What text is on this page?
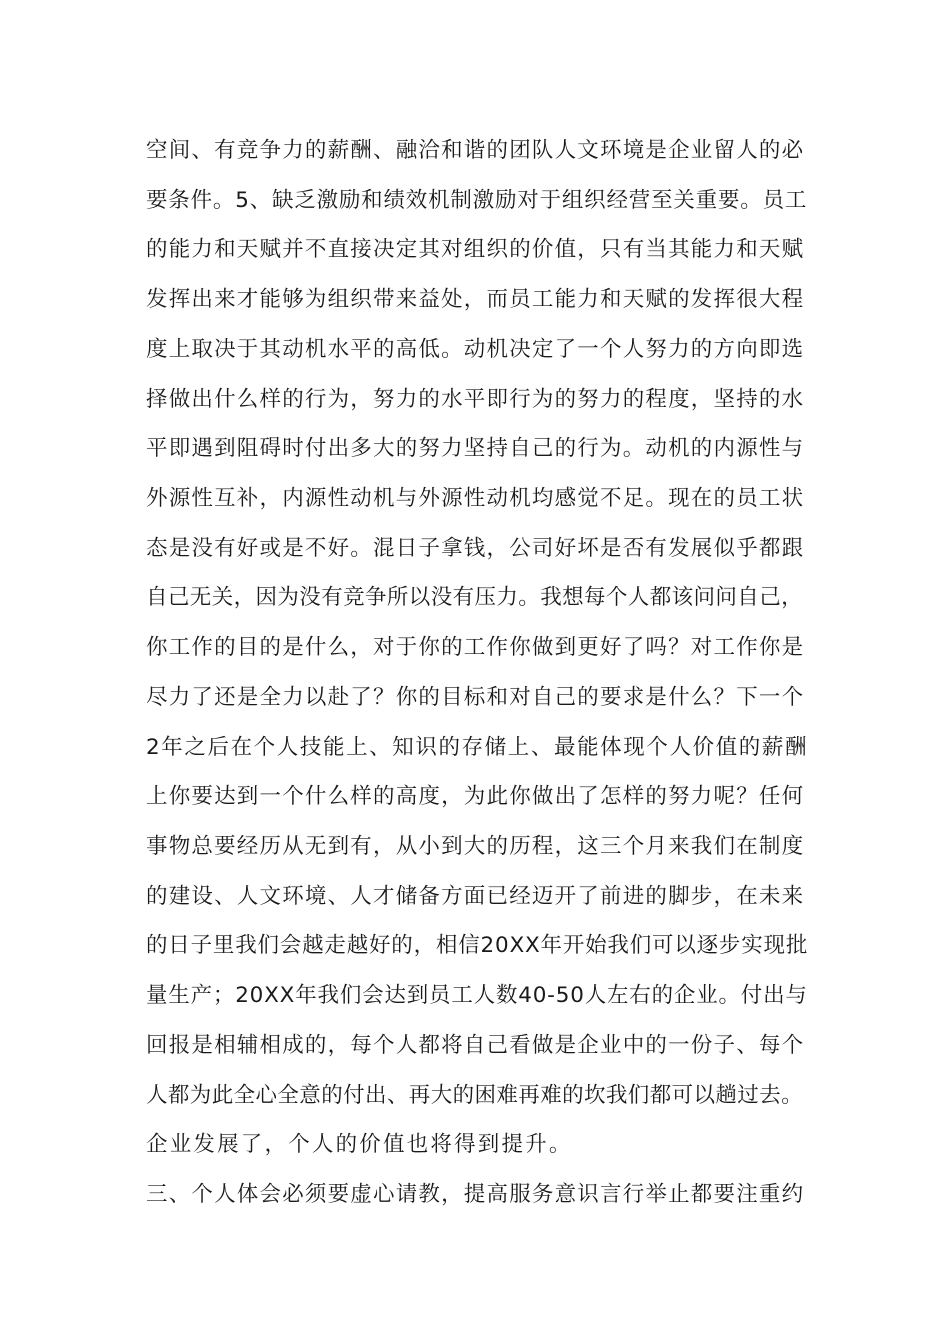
空间、有竞争力的薪酬、融洽和谐的团队人文环境是企业留人的必
要条件。5、缺乏激励和绩效机制激励对于组织经营至关重要。员工
的能力和天赋并不直接决定其对组织的价值，只有当其能力和天赋
发挥出来才能够为组织带来益处，而员工能力和天赋的发挥很大程
度上取决于其动机水平的高低。动机决定了一个人努力的方向即选
择做出什么样的行为，努力的水平即行为的努力的程度，坚持的水
平即遇到阻碍时付出多大的努力坚持自己的行为。动机的内源性与
外源性互补，内源性动机与外源性动机均感觉不足。现在的员工状
态是没有好或是不好。混日子拿钱，公司好坏是否有发展似乎都跟
自己无关，因为没有竞争所以没有压力。我想每个人都该问问自己，
你工作的目的是什么，对于你的工作你做到更好了吗？对工作你是
尽力了还是全力以赴了？你的目标和对自己的要求是什么？下一个
2年之后在个人技能上、知识的存储上、最能体现个人价值的薪酬
上你要达到一个什么样的高度，为此你做出了怎样的努力呢？任何
事物总要经历从无到有，从小到大的历程，这三个月来我们在制度
的建设、人文环境、人才储备方面已经迈开了前进的脚步，在未来
的日子里我们会越走越好的，相信20XX年开始我们可以逐步实现批
量生产；20XX年我们会达到员工人数40-50人左右的企业。付出与
回报是相辅相成的，每个人都将自己看做是企业中的一份子、每个
人都为此全心全意的付出、再大的困难再难的坎我们都可以趟过去。
企业发展了，个人的价值也将得到提升。
三、个人体会必须要虚心请教，提高服务意识言行举止都要注重约
